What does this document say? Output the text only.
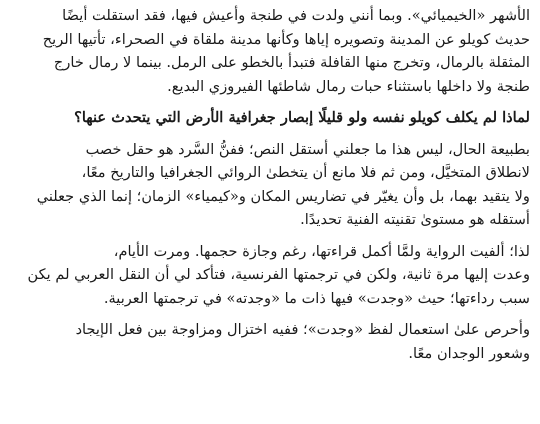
الأشهر «الخيميائي». وبما أنني ولدت في طنجة وأعيش فيها، فقد استقلت أيضًا
حديث كويلو عن المدينة وتصويره إياها وكأنها مدينة ملقاة في الصحراء، تأتيها الريح
المثقلة بالرمال، وتخرج منها القافلة فتبدأ بالخطو على الرمل. بينما لا رمال خارج
طنجة ولا داخلها باستثناء حبات رمال شاطئها الفيروزي البديع.

لماذا لم يكلف كويلو نفسه ولو قليلًا إبصار جغرافية الأرض التي يتحدث عنها؟

بطبيعة الحال، ليس هذا ما جعلني أستقل النص؛ ففنُّ السَّرد هو حقل خصب
لانطلاق المتخيَّل، ومن ثم فلا مانع أن يتخطىٰ الروائي الجغرافيا والتاريخ معًا،
ولا يتقيد بهما، بل وأن يغيّر في تضاريس المكان و«كيمياء» الزمان؛ إنما الذي جعلني
أستقله هو مستوىٰ تقنيته الفنية تحديدًا.

لذا؛ ألفيت الرواية ولمَّا أكمل قراءتها، رغم وجازة حجمها. ومرت الأيام،
وعدت إليها مرة ثانية، ولكن في ترجمتها الفرنسية، فتأكد لي أن النقل العربي لم يكن
سبب رداءتها؛ حيث «وجدت» فيها ذات ما «وجدته» في ترجمتها العربية.

وأحرص علىٰ استعمال لفظ «وجدت»؛ ففيه اختزال ومزاوجة بين فعل الإيجاد
وشعور الوجدان معًا.
